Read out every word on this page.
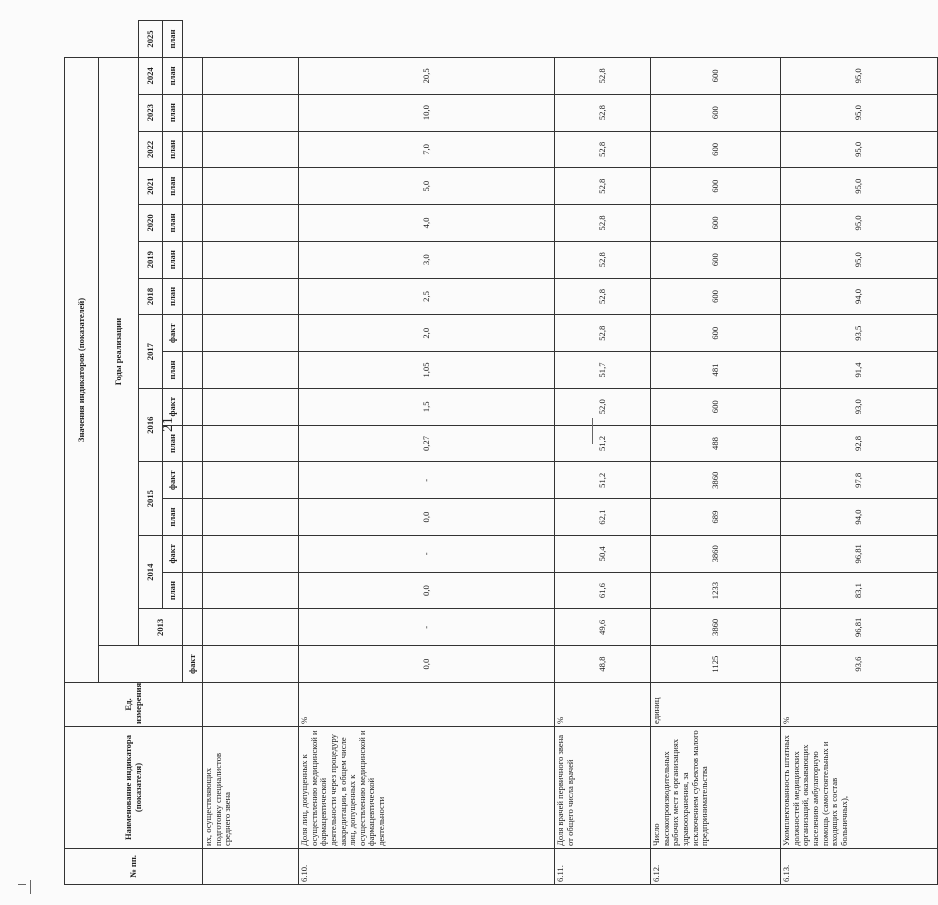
21
№ пп.	Наименование индикатора (показателя)	Ед. измерения	Значения индикаторов (показателей)																	
				Годы реализации																
				2013	2014		2015		2016		2017		2018	2019	2020	2021	2022	2023	2024	2025
					план	факт	план	факт	план	факт	план	факт	план	план	план	план	план	план	план	план
			факт																	
	их, осуществляющих подготовку специалистов среднего звена																			
6.10.	Доля лиц, допущенных к осуществлению медицинской и фармацевтической деятельности через процедуру аккредитации, в общем числе лиц, допущенных к осуществлению медицинской и фармацевтической деятельности	%	0,0	-	0,0	-	0,0	-	0,27	1,5	1,05	2,0	2,5	3,0	4,0	5,0	7,0	10,0	20,5	
6.11.	Доля врачей первичного звена от общего числа врачей	%	48,8	49,6	61,6	50,4	62,1	51,2	51,2	52,0	51,7	52,8	52,8	52,8	52,8	52,8	52,8	52,8	52,8	
6.12.	Число высокопроизводительных рабочих мест в организациях здравоохранения, за исключением субъектов малого предпринимательства	единиц	1125	3860	1233	3860	689	3860	488	600	481	600	600	600	600	600	600	600	600	
6.13.	Укомплектованность штатных должностей медицинских организаций, оказывающих населению амбулаторную помощь (самостоятельных и входящих в состав больничных),	%	93,6	96,81	83,1	96,81	94,0	97,8	92,8	93,0	91,4	93,5	94,0	95,0	95,0	95,0	95,0	95,0	95,0	
